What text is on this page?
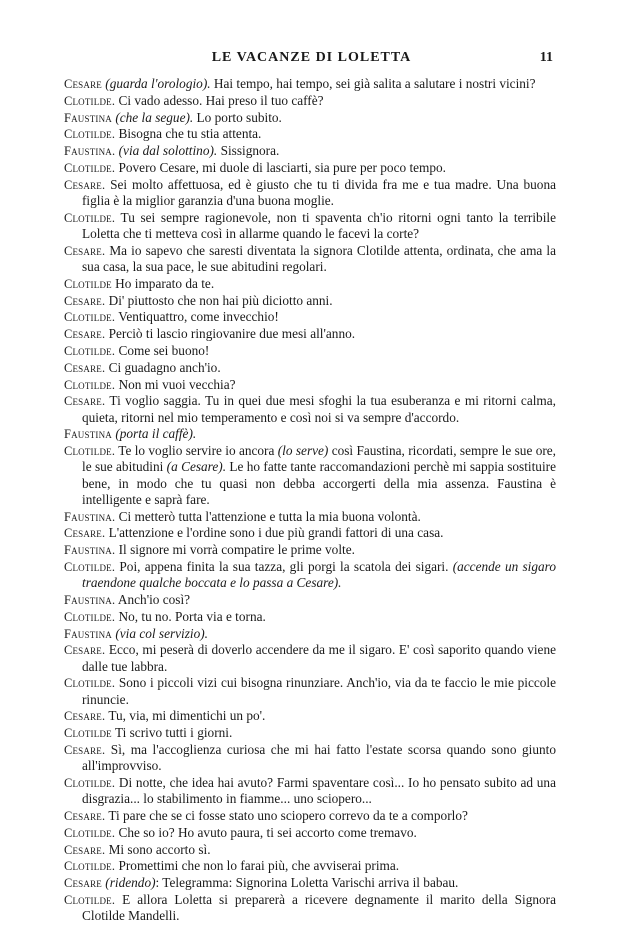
LE VACANZE DI LOLETTA	11

Cesare (guarda l'orologio). Hai tempo, hai tempo, sei già salita a salutare i nostri vicini?

Clotilde. Ci vado adesso. Hai preso il tuo caffè?

Faustina (che la segue). Lo porto subito.

Clotilde. Bisogna che tu stia attenta.

Faustina. (via dal solottino). Sissignora.

Clotilde. Povero Cesare, mi duole di lasciarti, sia pure per poco tempo.

Cesare. Sei molto affettuosa, ed è giusto che tu ti divida fra me e tua madre. Una buona figlia è la miglior garanzia d'una buona moglie.

Clotilde. Tu sei sempre ragionevole, non ti spaventa ch'io ritorni ogni tanto la terribile Loletta che ti metteva così in allarme quando le facevi la corte?

Cesare. Ma io sapevo che saresti diventata la signora Clotilde attenta, ordinata, che ama la sua casa, la sua pace, le sue abitudini regolari.

Clotilde Ho imparato da te.

Cesare. Di' piuttosto che non hai più diciotto anni.

Clotilde. Ventiquattro, come invecchio!

Cesare. Perciò ti lascio ringiovanire due mesi all'anno.

Clotilde. Come sei buono!

Cesare. Ci guadagno anch'io.

Clotilde. Non mi vuoi vecchia?

Cesare. Ti voglio saggia. Tu in quei due mesi sfoghi la tua esuberanza e mi ritorni calma, quieta, ritorni nel mio temperamento e così noi si va sempre d'accordo.

Faustina (porta il caffè).

Clotilde. Te lo voglio servire io ancora (lo serve) così Faustina, ricordati, sempre le sue ore, le sue abitudini (a Cesare). Le ho fatte tante raccomandazioni perchè mi sappia sostituire bene, in modo che tu quasi non debba accorgerti della mia assenza. Faustina è intelligente e saprà fare.

Faustina. Ci metterò tutta l'attenzione e tutta la mia buona volontà.

Cesare. L'attenzione e l'ordine sono i due più grandi fattori di una casa.

Faustina. Il signore mi vorrà compatire le prime volte.

Clotilde. Poi, appena finita la sua tazza, gli porgi la scatola dei sigari. (accende un sigaro traendone qualche boccata e lo passa a Cesare).

Faustina. Anch'io così?

Clotilde. No, tu no. Porta via e torna.

Faustina (via col servizio).

Cesare. Ecco, mi peserà di doverlo accendere da me il sigaro. E' così saporito quando viene dalle tue labbra.

Clotilde. Sono i piccoli vizi cui bisogna rinunziare. Anch'io, via da te faccio le mie piccole rinuncie.

Cesare. Tu, via, mi dimentichi un po'.

Clotilde Ti scrivo tutti i giorni.

Cesare. Sì, ma l'accoglienza curiosa che mi hai fatto l'estate scorsa quando sono giunto all'improvviso.

Clotilde. Di notte, che idea hai avuto? Farmi spaventare così... Io ho pensato subito ad una disgrazia... lo stabilimento in fiamme... uno sciopero...

Cesare. Ti pare che se ci fosse stato uno sciopero correvo da te a comporlo?

Clotilde. Che so io? Ho avuto paura, ti sei accorto come tremavo.

Cesare. Mi sono accorto sì.

Clotilde. Promettimi che non lo farai più, che avviserai prima.

Cesare (ridendo): Telegramma: Signorina Loletta Varischi arriva il babau.

Clotilde. E allora Loletta si preparerà a ricevere degnamente il marito della Signora Clotilde Mandelli.
